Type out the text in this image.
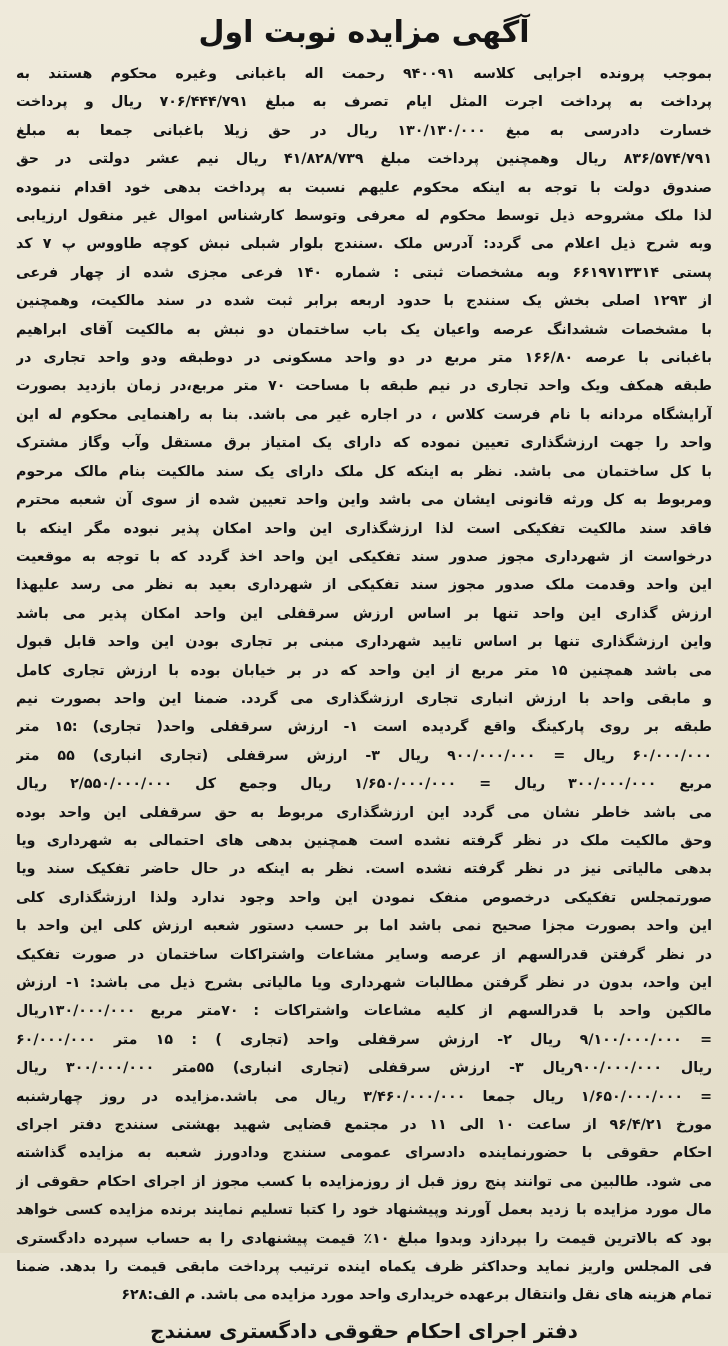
آگهی مزایده نوبت اول
بموجب پرونده اجرایی کلاسه ۹۴۰۰۹۱ رحمت اله باغبانی وغیره محکوم هستند به
پرداخت به پرداخت اجرت المثل ایام تصرف به مبلغ ۷۰۶/۴۴۴/۷۹۱ ریال و پرداخت
خسارت دادرسی به مبغ ۱۳۰/۱۳۰/۰۰۰ ریال در حق زیلا باغبانی جمعا به مبلغ
۸۳۶/۵۷۴/۷۹۱ ریال وهمچنین پرداخت مبلغ ۴۱/۸۲۸/۷۳۹ ریال نیم عشر دولتی در حق
صندوق دولت با توجه به اینکه محکوم علیهم نسبت به پرداخت بدهی خود اقدام ننموده
لذا ملک مشروحه ذیل توسط محکوم له معرفی وتوسط کارشناس اموال غیر منقول ارزیابی
وبه شرح ذیل اعلام می گردد: آدرس ملک .سنندج بلوار شبلی نبش کوچه طاووس پ ۷ کد
پستی ۶۶۱۹۷۱۳۳۱۴ وبه مشخصات ثبتی : شماره ۱۴۰ فرعی مجزی شده از چهار فرعی
از ۱۲۹۳ اصلی بخش یک سنندج با حدود اربعه برابر ثبت شده در سند مالکیت، وهمچنین
با مشخصات ششدانگ عرصه واعیان یک باب ساختمان دو نبش به مالکیت آقای ابراهیم
باغبانی با عرصه ۱۶۶/۸۰ متر مربع در دو واحد مسکونی در دوطبقه ودو واحد تجاری در
طبقه همکف ویک واحد تجاری در نیم طبقه با مساحت ۷۰ متر مربع،در زمان بازدید بصورت
آرایشگاه مردانه با نام فرست کلاس ، در اجاره غیر می باشد. بنا به راهنمایی محکوم له این
واحد را جهت ارزشگذاری تعیین نموده که دارای یک امتیاز برق مستقل وآب وگاز مشترک
با کل ساختمان می باشد. نظر به اینکه کل ملک دارای یک سند مالکیت بنام مالک مرحوم
ومربوط به کل ورثه قانونی ایشان می باشد واین واحد تعیین شده از سوی آن شعبه محترم
فاقد سند مالکیت تفکیکی است لذا ارزشگذاری این واحد امکان پذیر نبوده مگر اینکه با
درخواست از شهرداری مجوز صدور سند تفکیکی این واحد اخذ گردد که با توجه به موقعیت
این واحد وقدمت ملک صدور مجوز سند تفکیکی از شهرداری بعید به نظر می رسد علیهذا
ارزش گذاری این واحد تنها بر اساس ارزش سرقفلی این واحد امکان پذیر می باشد
واین ارزشگذاری تنها بر اساس تایید شهرداری مبنی بر تجاری بودن این واحد قابل قبول
می باشد همچنین ۱۵ متر مربع از این واحد که در بر خیابان بوده با ارزش تجاری کامل
و مابقی واحد با ارزش انباری تجاری ارزشگذاری می گردد. ضمنا این واحد بصورت نیم
طبقه بر روی پارکینگ واقع گردیده است ۱- ارزش سرقفلی واحد( تجاری) :۱۵ متر
۶۰/۰۰۰/۰۰۰ ریال = ۹۰۰/۰۰۰/۰۰۰ ریال ۳- ارزش سرقفلی (تجاری انباری) ۵۵ متر
مربع ۳۰۰/۰۰۰/۰۰۰ ریال = ۱/۶۵۰/۰۰۰/۰۰۰ ریال وجمع کل ۲/۵۵۰/۰۰۰/۰۰۰ ریال
می باشد خاطر نشان می گردد این ارزشگذاری مربوط به حق سرقفلی این واحد بوده
وحق مالکیت ملک در نظر گرفته نشده است همچنین بدهی های احتمالی به شهرداری ویا
بدهی مالیاتی نیز در نظر گرفته نشده است. نظر به اینکه در حال حاضر تفکیک سند ویا
صورتمجلس تفکیکی درخصوص منفک نمودن این واحد وجود ندارد ولذا ارزشگذاری کلی
این واحد بصورت مجزا صحیح نمی باشد اما بر حسب دستور شعبه ارزش کلی این واحد با
در نظر گرفتن قدرالسهم از عرصه وسایر مشاعات واشتراکات ساختمان در صورت تفکیک
این واحد، بدون در نظر گرفتن مطالبات شهرداری ویا مالیاتی بشرح ذیل می باشد: ۱- ارزش
مالکین واحد با قدرالسهم از کلیه مشاعات واشتراکات : ۷۰متر مربع ۱۳۰/۰۰۰/۰۰۰ریال
= ۹/۱۰۰/۰۰۰/۰۰۰ ریال ۲- ارزش سرقفلی واحد (تجاری ) : ۱۵ متر ۶۰/۰۰۰/۰۰۰
ریال ۹۰۰/۰۰۰/۰۰۰ریال ۳- ارزش سرقفلی (تجاری انباری) ۵۵متر ۳۰۰/۰۰۰/۰۰۰ ریال
= ۱/۶۵۰/۰۰۰/۰۰۰ ریال جمعا ۳/۴۶۰/۰۰۰/۰۰۰ ریال می باشد.مزایده در روز چهارشنبه
مورخ ۹۶/۴/۲۱ از ساعت ۱۰ الی ۱۱ در مجتمع قضایی شهید بهشتی سنندج دفتر اجرای
احکام حقوقی با حضورنماینده دادسرای عمومی سنندج ودادورز شعبه به مزایده گذاشته
می شود. طالبین می توانند پنج روز قبل از روزمزایده با کسب مجوز از اجرای احکام حقوقی از
مال مورد مزایده با زدید بعمل آورند وپیشنهاد خود را کتبا تسلیم نمایند برنده مزایده کسی خواهد
بود که بالاترین قیمت را بپردازد وبدوا مبلغ ۱۰٪ قیمت پیشنهادی را به حساب سپرده دادگستری
فی المجلس واریز نماید وحداکثر ظرف یکماه اینده ترتیب پرداخت مابقی قیمت را بدهد. ضمنا
تمام هزینه های نقل وانتقال برعهده خریداری واحد مورد مزایده می باشد. م الف:۶۲۸
دفتر اجرای احکام حقوقی دادگستری سنندج
